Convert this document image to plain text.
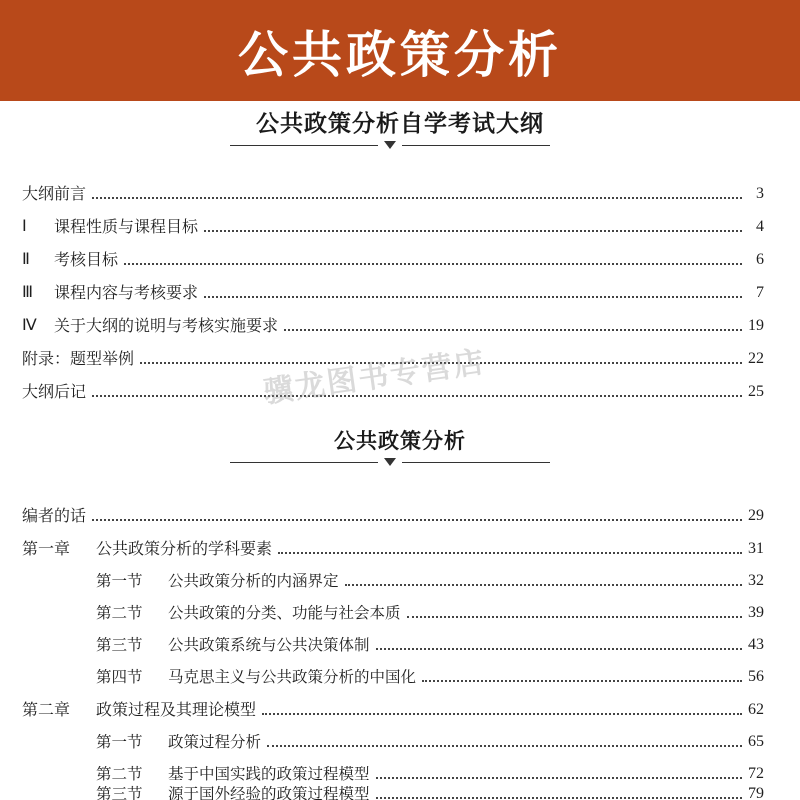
公共政策分析
公共政策分析自学考试大纲
大纲前言	3
Ⅰ	课程性质与课程目标	4
Ⅱ	考核目标	6
Ⅲ	课程内容与考核要求	7
Ⅳ	关于大纲的说明与考核实施要求	19
附录：题型举例	22
大纲后记	25
骥龙图书专营店
公共政策分析
编者的话	29
第一章	公共政策分析的学科要素	31
第一节	公共政策分析的内涵界定	32
第二节	公共政策的分类、功能与社会本质	39
第三节	公共政策系统与公共决策体制	43
第四节	马克思主义与公共政策分析的中国化	56
第二章	政策过程及其理论模型	62
第一节	政策过程分析	65
第二节	基于中国实践的政策过程模型	72
第三节	源于国外经验的政策过程模型	79
